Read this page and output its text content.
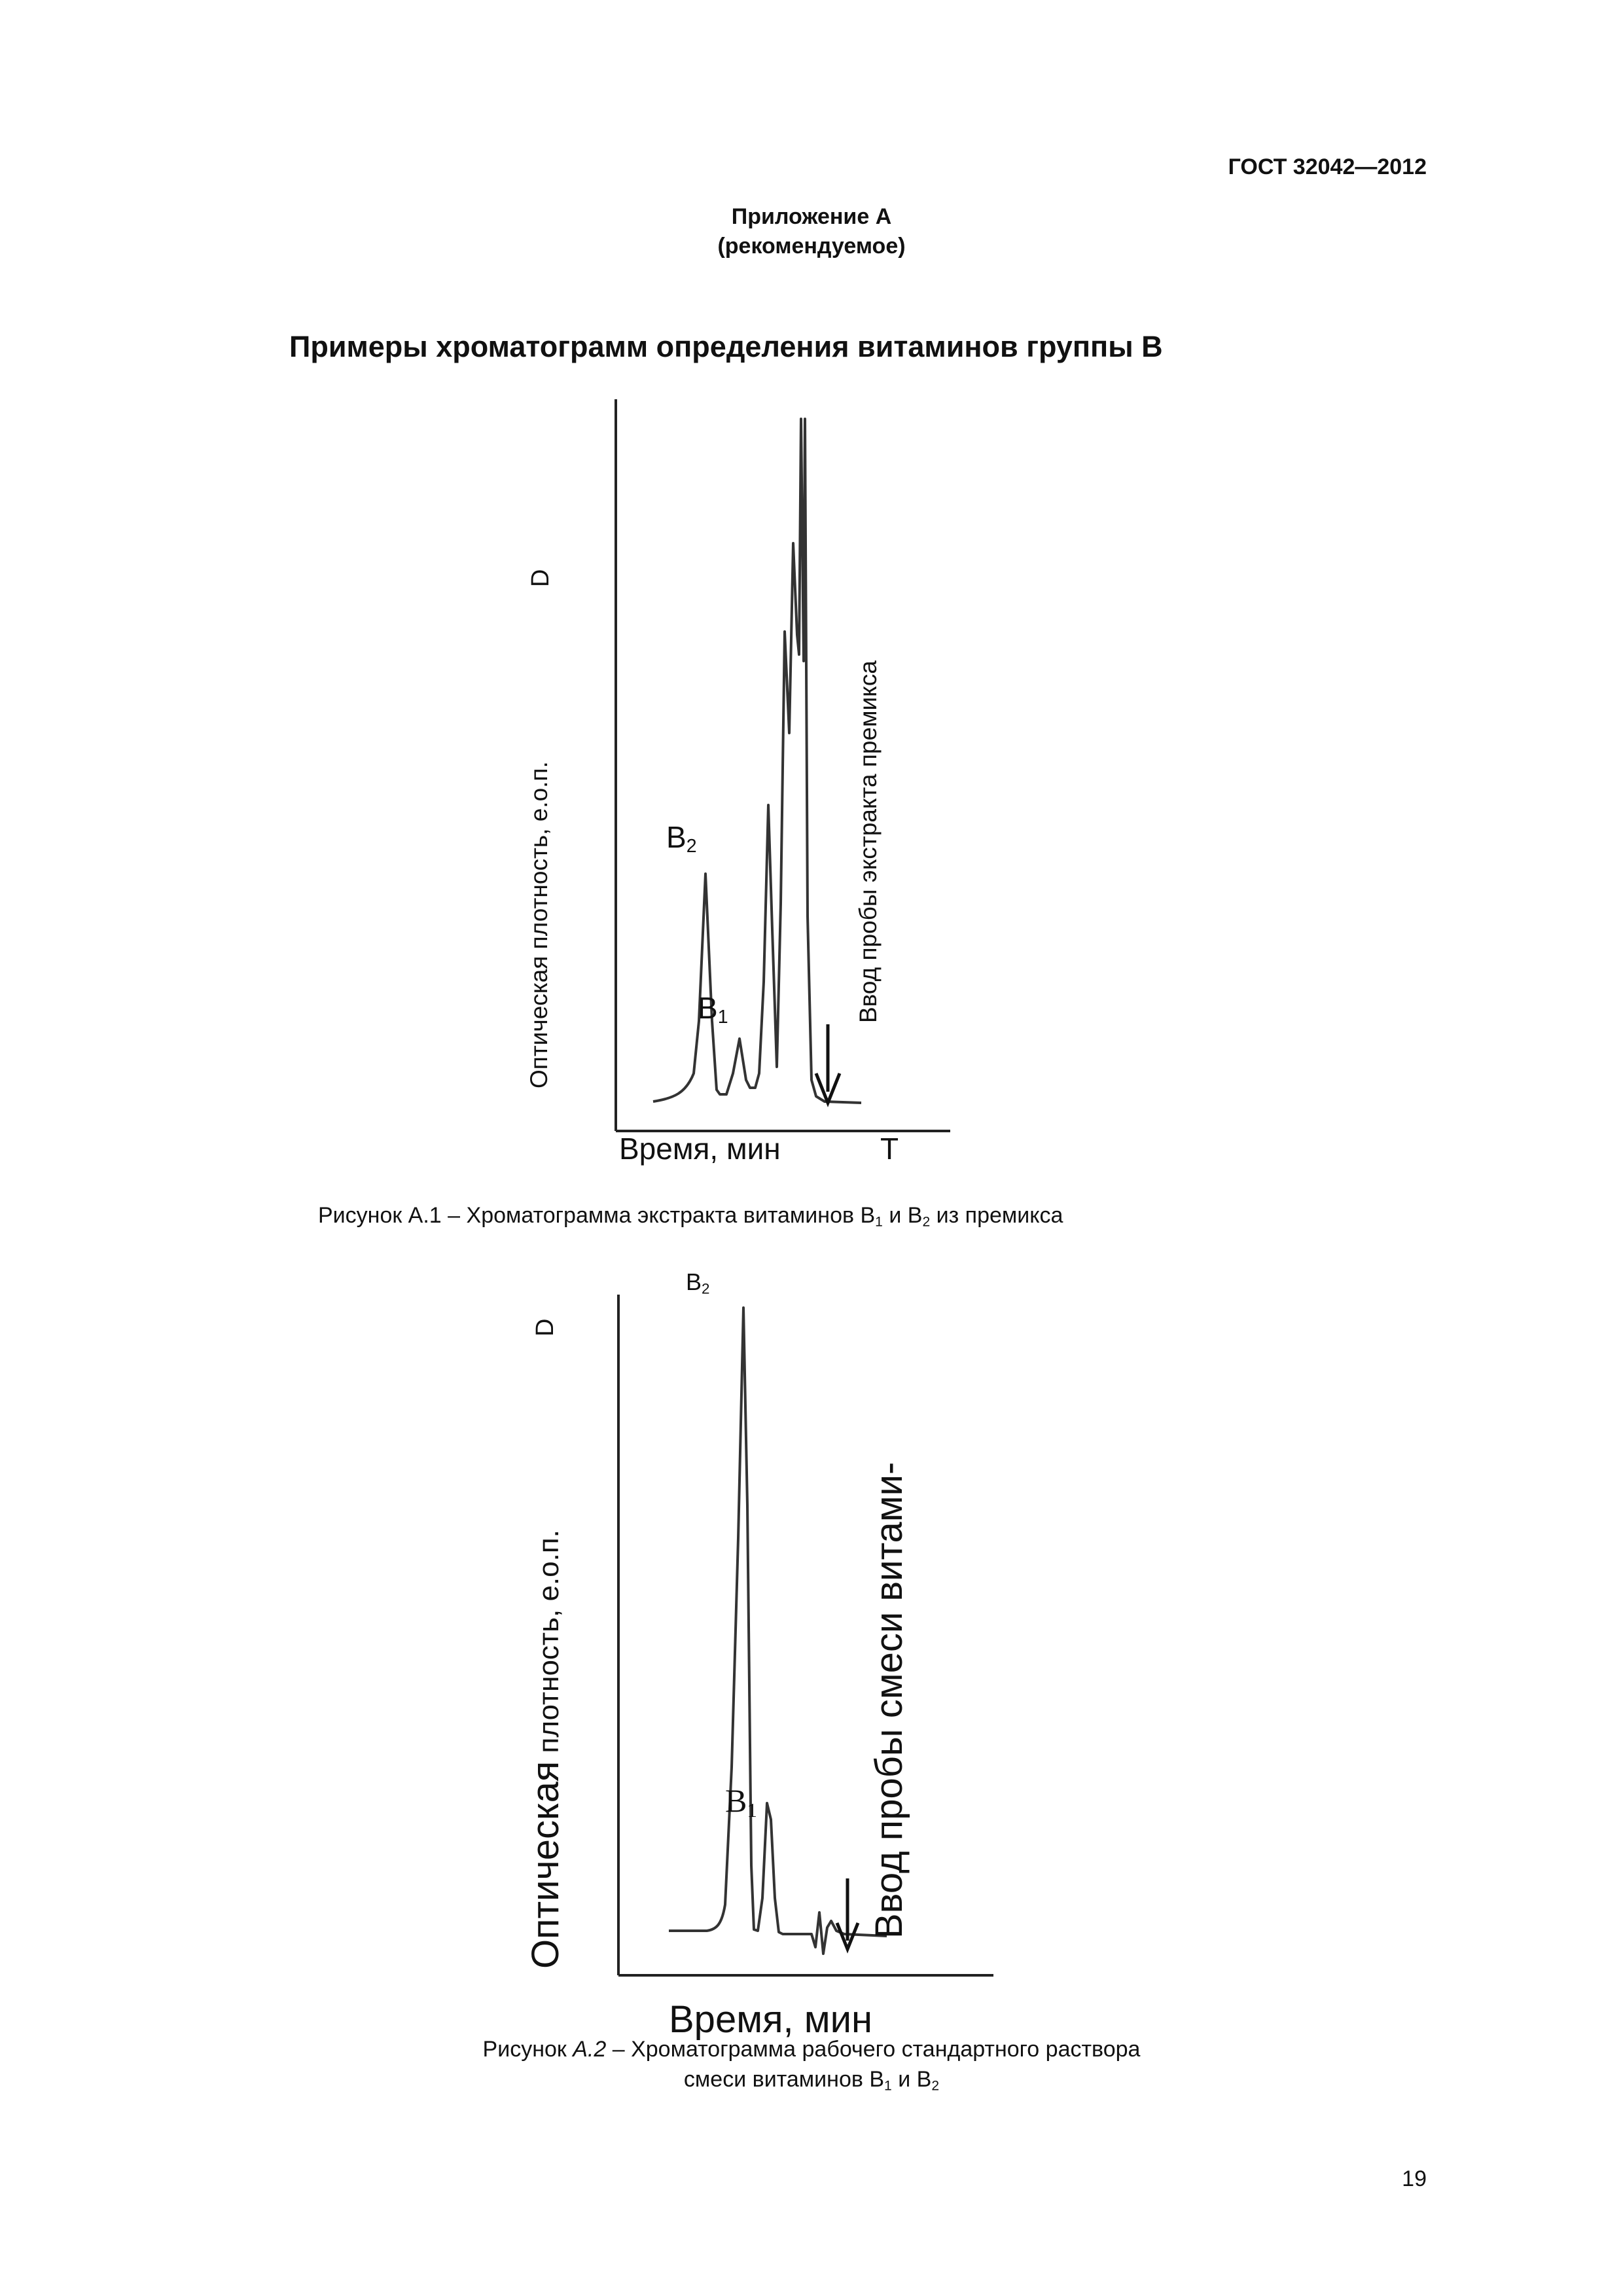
ГОСТ 32042—2012
Приложение А
(рекомендуемое)
Примеры хроматограмм определения витаминов группы В
D
Оптическая плотность, е.о.п.	Ввод пробы экстракта премикса
$B_2$
$B_1$
Время, мин	T
Рисунок А.1 – Хроматограмма экстракта витаминов $В_1$ и $В_2$ из премикса
$B_2$
D
Оптическая плотность, е.о.п.	Ввод пробы смеси витами-
$B_1$
Время, мин
Рисунок А.2 – Хроматограмма рабочего стандартного раствора
смеси витаминов $В_1$ и $В_2$
19
